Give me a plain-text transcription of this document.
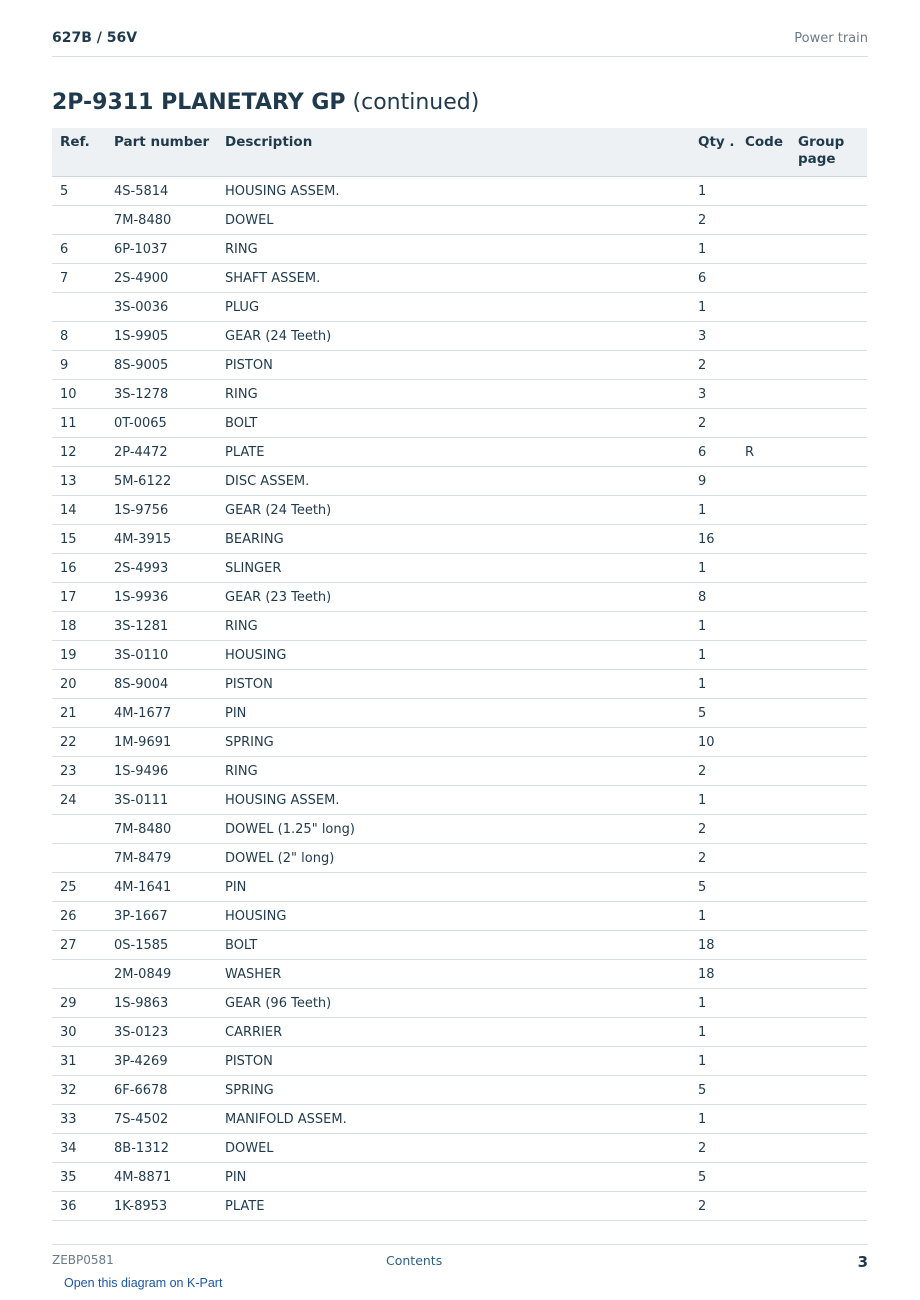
627B / 56V	Power train
2P-9311 PLANETARY GP (continued)
Ref.	Part number	Description	Qty .	Code	Group page
5	4S-5814	HOUSING ASSEM.	1		
	7M-8480	DOWEL	2		
6	6P-1037	RING	1		
7	2S-4900	SHAFT ASSEM.	6		
	3S-0036	PLUG	1		
8	1S-9905	GEAR (24 Teeth)	3		
9	8S-9005	PISTON	2		
10	3S-1278	RING	3		
11	0T-0065	BOLT	2		
12	2P-4472	PLATE	6	R	
13	5M-6122	DISC ASSEM.	9		
14	1S-9756	GEAR (24 Teeth)	1		
15	4M-3915	BEARING	16		
16	2S-4993	SLINGER	1		
17	1S-9936	GEAR (23 Teeth)	8		
18	3S-1281	RING	1		
19	3S-0110	HOUSING	1		
20	8S-9004	PISTON	1		
21	4M-1677	PIN	5		
22	1M-9691	SPRING	10		
23	1S-9496	RING	2		
24	3S-0111	HOUSING ASSEM.	1		
	7M-8480	DOWEL (1.25" long)	2		
	7M-8479	DOWEL (2" long)	2		
25	4M-1641	PIN	5		
26	3P-1667	HOUSING	1		
27	0S-1585	BOLT	18		
	2M-0849	WASHER	18		
29	1S-9863	GEAR (96 Teeth)	1		
30	3S-0123	CARRIER	1		
31	3P-4269	PISTON	1		
32	6F-6678	SPRING	5		
33	7S-4502	MANIFOLD ASSEM.	1		
34	8B-1312	DOWEL	2		
35	4M-8871	PIN	5		
36	1K-8953	PLATE	2		
ZEBP0581	Contents	3
Open this diagram on K-Part
